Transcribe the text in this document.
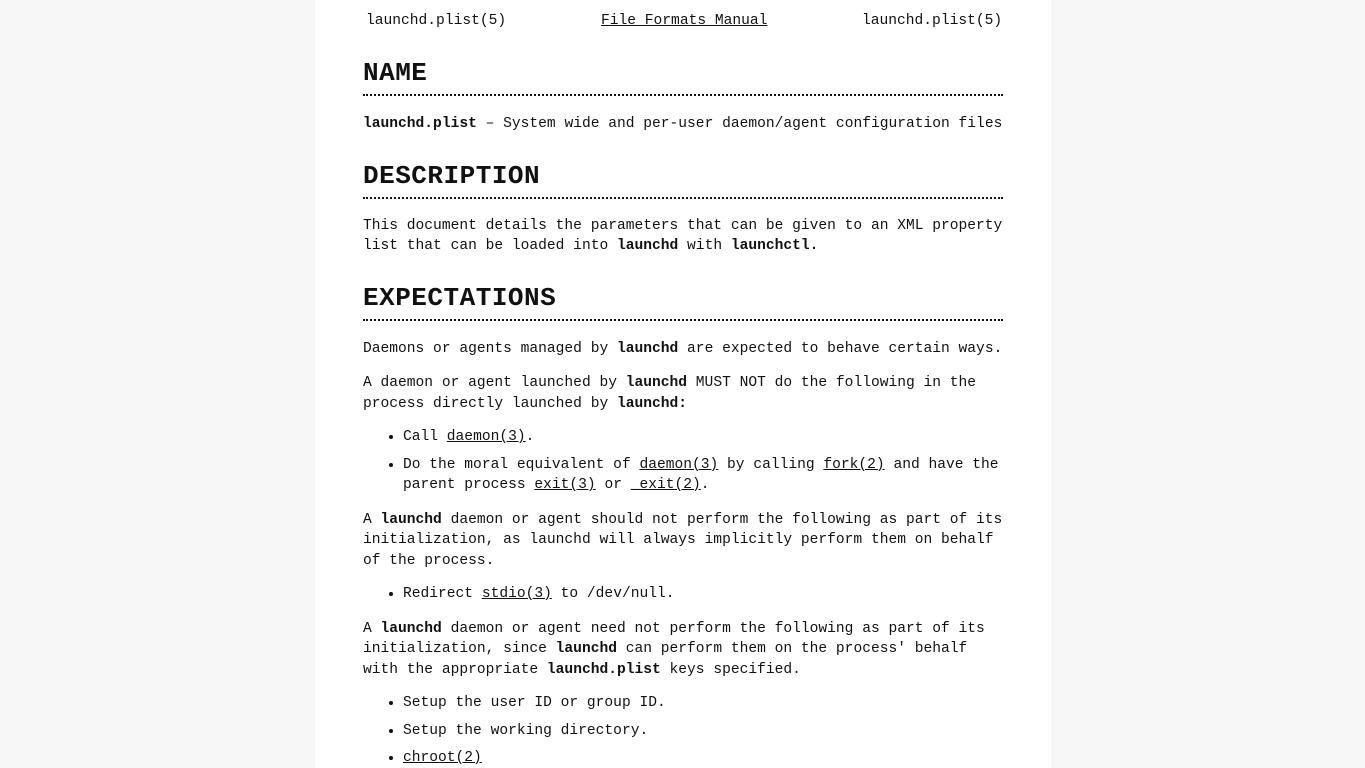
launchd.plist(5)	File Formats Manual	launchd.plist(5)
NAME

launchd.plist – System wide and per-user daemon/agent configuration files

DESCRIPTION

This document details the parameters that can be given to an XML property list that can be loaded into launchd with launchctl.

EXPECTATIONS

Daemons or agents managed by launchd are expected to behave certain ways.

A daemon or agent launched by launchd MUST NOT do the following in the process directly launched by launchd:

• Call daemon(3).
• Do the moral equivalent of daemon(3) by calling fork(2) and have the parent process exit(3) or _exit(2).

A launchd daemon or agent should not perform the following as part of its initialization, as launchd will always implicitly perform them on behalf of the process.

• Redirect stdio(3) to /dev/null.

A launchd daemon or agent need not perform the following as part of its initialization, since launchd can perform them on the process' behalf with the appropriate launchd.plist keys specified.

• Setup the user ID or group ID.
• Setup the working directory.
• chroot(2)
